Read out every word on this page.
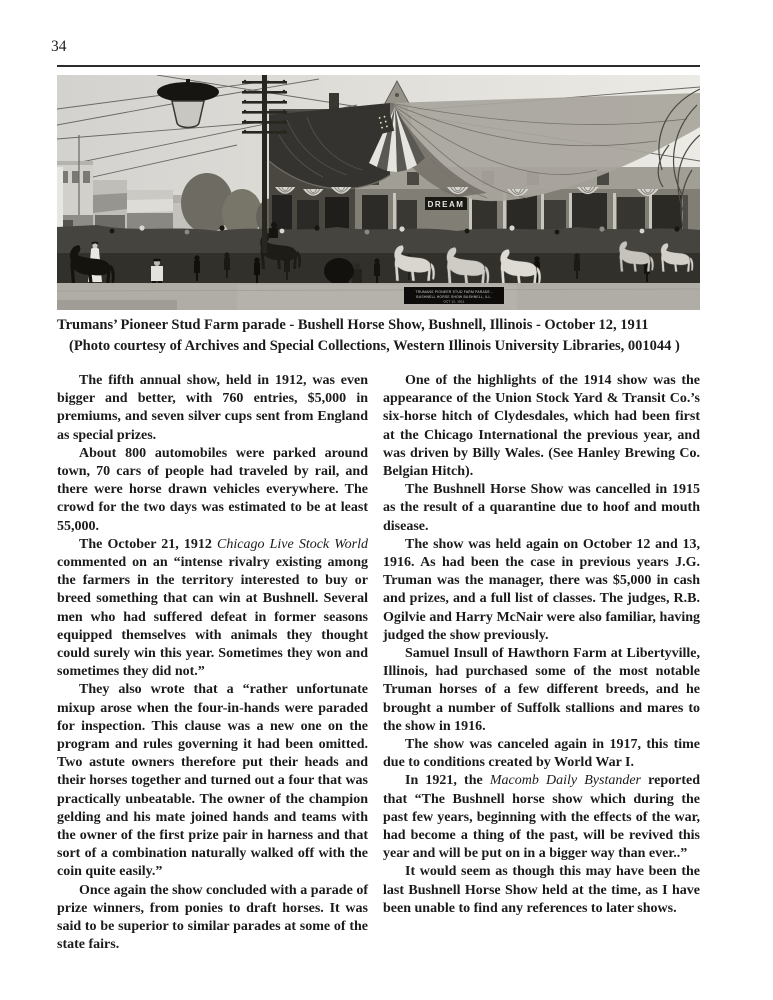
34
DREAM
TRUMANS PIONEER STUD FARM PARADE -
BUSHNELL HORSE SHOW BUSHNELL, ILL.
OCT 12, 1911
Trumans’ Pioneer Stud Farm parade - Bushell Horse Show, Bushnell, Illinois - October 12, 1911
(Photo courtesy of Archives and Special Collections, Western Illinois University Libraries, 001044 )

The fifth annual show, held in 1912, was even bigger and better, with 760 entries, $5,000 in premiums, and seven silver cups sent from England as special prizes.

About 800 automobiles were parked around town, 70 cars of people had traveled by rail, and there were horse drawn vehicles everywhere. The crowd for the two days was estimated to be at least 55,000.

The October 21, 1912 Chicago Live Stock World commented on an “intense rivalry existing among the farmers in the territory interested to buy or breed something that can win at Bushnell. Several men who had suffered defeat in former seasons equipped themselves with animals they thought could surely win this year. Sometimes they won and sometimes they did not.”

They also wrote that a “rather unfortunate mixup arose when the four-in-hands were paraded for inspection. This clause was a new one on the program and rules governing it had been omitted. Two astute owners therefore put their heads and their horses together and turned out a four that was practically unbeatable. The owner of the champion gelding and his mate joined hands and teams with the owner of the first prize pair in harness and that sort of a combination naturally walked off with the coin quite easily.”

Once again the show concluded with a parade of prize winners, from ponies to draft horses. It was said to be superior to similar parades at some of the state fairs.

One of the highlights of the 1914 show was the appearance of the Union Stock Yard & Transit Co.’s six-horse hitch of Clydesdales, which had been first at the Chicago International the previous year, and was driven by Billy Wales. (See Hanley Brewing Co. Belgian Hitch).

The Bushnell Horse Show was cancelled in 1915 as the result of a quarantine due to hoof and mouth disease.

The show was held again on October 12 and 13, 1916. As had been the case in previous years J.G. Truman was the manager, there was $5,000 in cash and prizes, and a full list of classes. The judges, R.B. Ogilvie and Harry McNair were also familiar, having judged the show previously.

Samuel Insull of Hawthorn Farm at Libertyville, Illinois, had purchased some of the most notable Truman horses of a few different breeds, and he brought a number of Suffolk stallions and mares to the show in 1916.

The show was canceled again in 1917, this time due to conditions created by World War I.

In 1921, the Macomb Daily Bystander reported that “The Bushnell horse show which during the past few years, beginning with the effects of the war, had become a thing of the past, will be revived this year and will be put on in a bigger way than ever..”

It would seem as though this may have been the last Bushnell Horse Show held at the time, as I have been unable to find any references to later shows.
